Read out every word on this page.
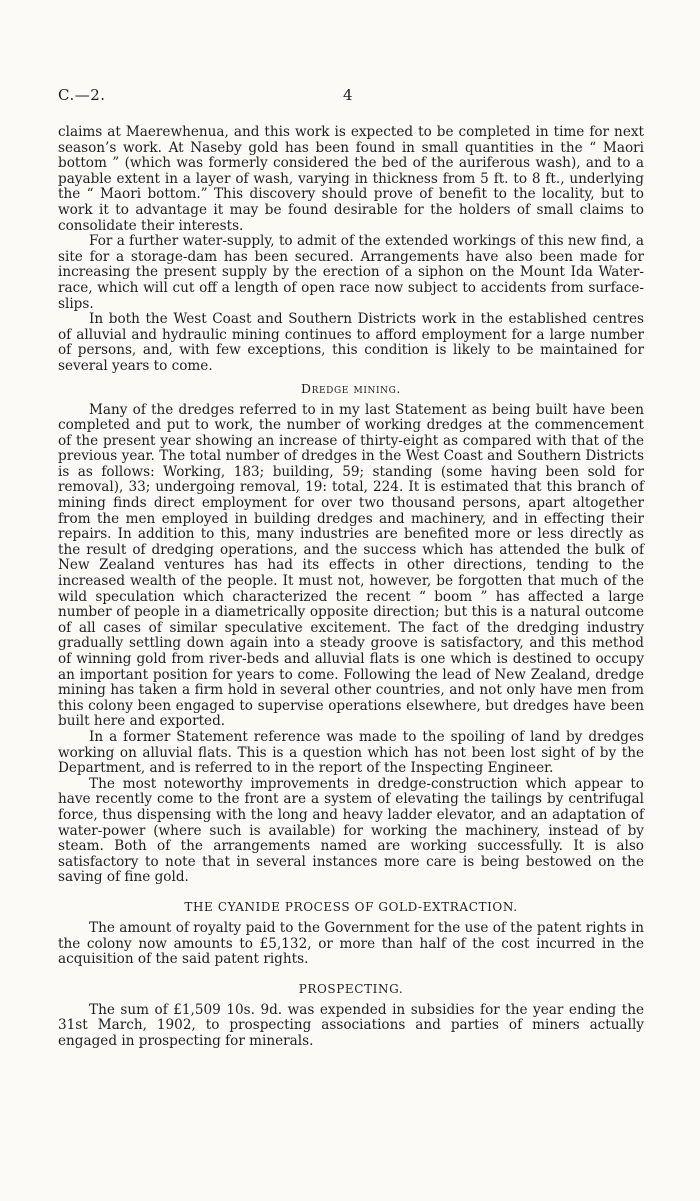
C.—2.	4

claims at Maerewhenua, and this work is expected to be completed in time for next season’s work. At Naseby gold has been found in small quantities in the “ Maori bottom ” (which was formerly considered the bed of the auriferous wash), and to a payable extent in a layer of wash, varying in thickness from 5 ft. to 8 ft., underlying the “ Maori bottom.” This discovery should prove of benefit to the locality, but to work it to advantage it may be found desirable for the holders of small claims to consolidate their interests.

For a further water-supply, to admit of the extended workings of this new find, a site for a storage-dam has been secured. Arrangements have also been made for increasing the present supply by the erection of a siphon on the Mount Ida Water-race, which will cut off a length of open race now subject to accidents from surface-slips.

In both the West Coast and Southern Districts work in the established centres of alluvial and hydraulic mining continues to afford employment for a large number of persons, and, with few exceptions, this condition is likely to be maintained for several years to come.

Dredge mining.

Many of the dredges referred to in my last Statement as being built have been completed and put to work, the number of working dredges at the commencement of the present year showing an increase of thirty-eight as compared with that of the previous year. The total number of dredges in the West Coast and Southern Districts is as follows: Working, 183; building, 59; standing (some having been sold for removal), 33; undergoing removal, 19: total, 224. It is estimated that this branch of mining finds direct employment for over two thousand persons, apart altogether from the men employed in building dredges and machinery, and in effecting their repairs. In addition to this, many industries are benefited more or less directly as the result of dredging operations, and the success which has attended the bulk of New Zealand ventures has had its effects in other directions, tending to the increased wealth of the people. It must not, however, be forgotten that much of the wild speculation which characterized the recent “ boom ” has affected a large number of people in a diametrically opposite direction; but this is a natural outcome of all cases of similar speculative excitement. The fact of the dredging industry gradually settling down again into a steady groove is satisfactory, and this method of winning gold from river-beds and alluvial flats is one which is destined to occupy an important position for years to come. Following the lead of New Zealand, dredge mining has taken a firm hold in several other countries, and not only have men from this colony been engaged to supervise operations elsewhere, but dredges have been built here and exported.

In a former Statement reference was made to the spoiling of land by dredges working on alluvial flats. This is a question which has not been lost sight of by the Department, and is referred to in the report of the Inspecting Engineer.

The most noteworthy improvements in dredge-construction which appear to have recently come to the front are a system of elevating the tailings by centrifugal force, thus dispensing with the long and heavy ladder elevator, and an adaptation of water-power (where such is available) for working the machinery, instead of by steam. Both of the arrangements named are working successfully. It is also satisfactory to note that in several instances more care is being bestowed on the saving of fine gold.

THE CYANIDE PROCESS OF GOLD-EXTRACTION.

The amount of royalty paid to the Government for the use of the patent rights in the colony now amounts to £5,132, or more than half of the cost incurred in the acquisition of the said patent rights.

PROSPECTING.

The sum of £1,509 10s. 9d. was expended in subsidies for the year ending the 31st March, 1902, to prospecting associations and parties of miners actually engaged in prospecting for minerals.
